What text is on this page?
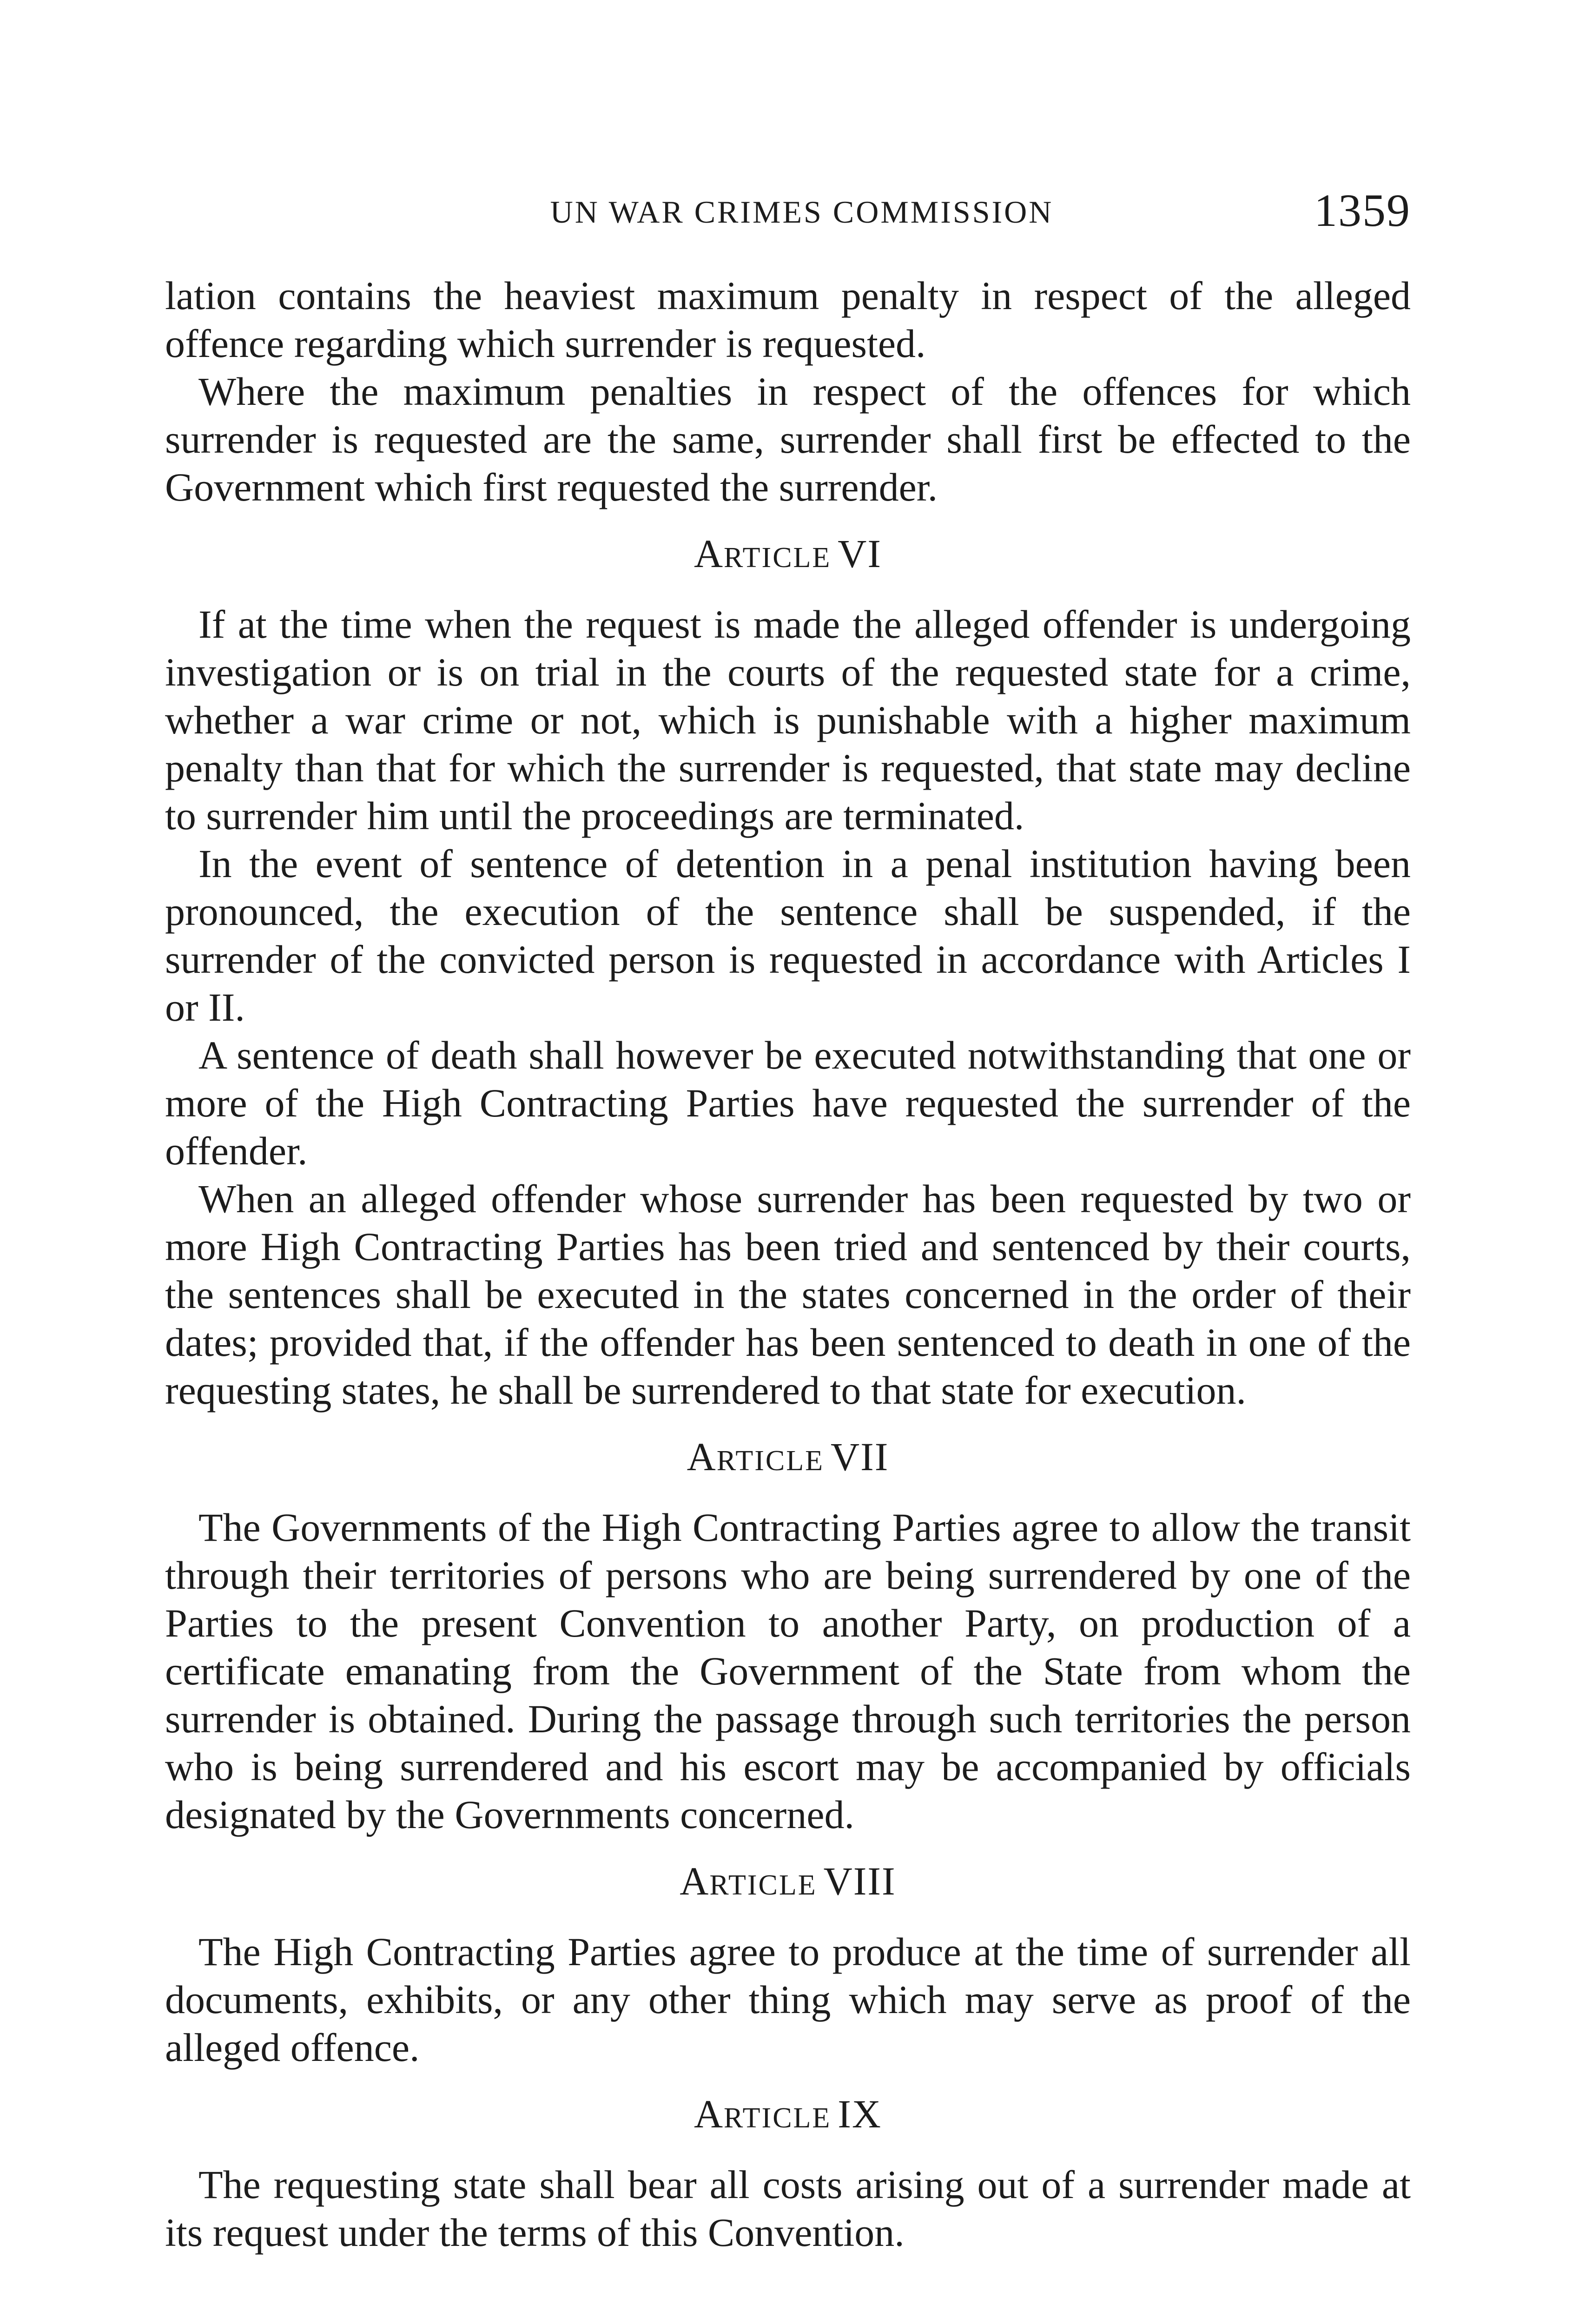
UN WAR CRIMES COMMISSION	1359

lation contains the heaviest maximum penalty in respect of the alleged offence regarding which surrender is requested.

Where the maximum penalties in respect of the offences for which surrender is requested are the same, surrender shall first be effected to the Government which first requested the surrender.

ARTICLE VI

If at the time when the request is made the alleged offender is undergoing investigation or is on trial in the courts of the requested state for a crime, whether a war crime or not, which is punishable with a higher maximum penalty than that for which the surrender is requested, that state may decline to surrender him until the proceedings are terminated.

In the event of sentence of detention in a penal institution having been pronounced, the execution of the sentence shall be suspended, if the surrender of the convicted person is requested in accordance with Articles I or II.

A sentence of death shall however be executed notwithstanding that one or more of the High Contracting Parties have requested the surrender of the offender.

When an alleged offender whose surrender has been requested by two or more High Contracting Parties has been tried and sentenced by their courts, the sentences shall be executed in the states concerned in the order of their dates; provided that, if the offender has been sentenced to death in one of the requesting states, he shall be surrendered to that state for execution.

ARTICLE VII

The Governments of the High Contracting Parties agree to allow the transit through their territories of persons who are being surrendered by one of the Parties to the present Convention to another Party, on production of a certificate emanating from the Government of the State from whom the surrender is obtained. During the passage through such territories the person who is being surrendered and his escort may be accompanied by officials designated by the Governments concerned.

ARTICLE VIII

The High Contracting Parties agree to produce at the time of surrender all documents, exhibits, or any other thing which may serve as proof of the alleged offence.

ARTICLE IX

The requesting state shall bear all costs arising out of a surrender made at its request under the terms of this Convention.
